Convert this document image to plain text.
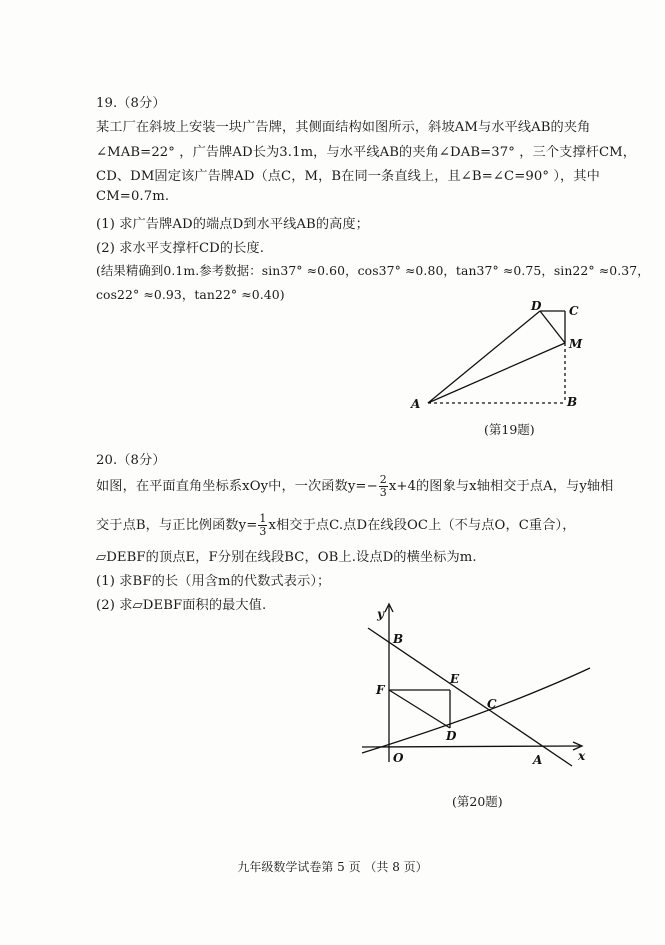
19.（8分）
某工厂在斜坡上安装一块广告牌，其侧面结构如图所示，斜坡AM与水平线AB的夹角
∠MAB=22° ，广告牌AD长为3.1m，与水平线AB的夹角∠DAB=37° ，三个支撑杆CM，
CD、DM固定该广告牌AD（点C，M，B在同一条直线上，且∠B=∠C=90° ），其中
CM=0.7m.
(1) 求广告牌AD的端点D到水平线AB的高度；
(2) 求水平支撑杆CD的长度.
(结果精确到0.1m.参考数据：sin37° ≈0.60，cos37° ≈0.80，tan37° ≈0.75，sin22° ≈0.37，
cos22° ≈0.93，tan22° ≈0.40)
D C
M
A	B
y
x
B
F
E
C
D
O	A
(第19题)
20.（8分）
如图，在平面直角坐标系xOy中，一次函数$y=- \frac{2}{3} x+4$的图象与x轴相交于点A，与y轴相
交于点B，与正比例函数$y= \frac{1}{3}$ x相交于点C.点D在线段OC上（不与点O，C重合），
▱DEBF的顶点E，F分别在线段BC，OB上.设点D的横坐标为m.
(1) 求BF的长（用含m的代数式表示）；
(2) 求▱DEBF面积的最大值.
(第20题)
九年级数学试卷第 5 页 （共 8 页）
